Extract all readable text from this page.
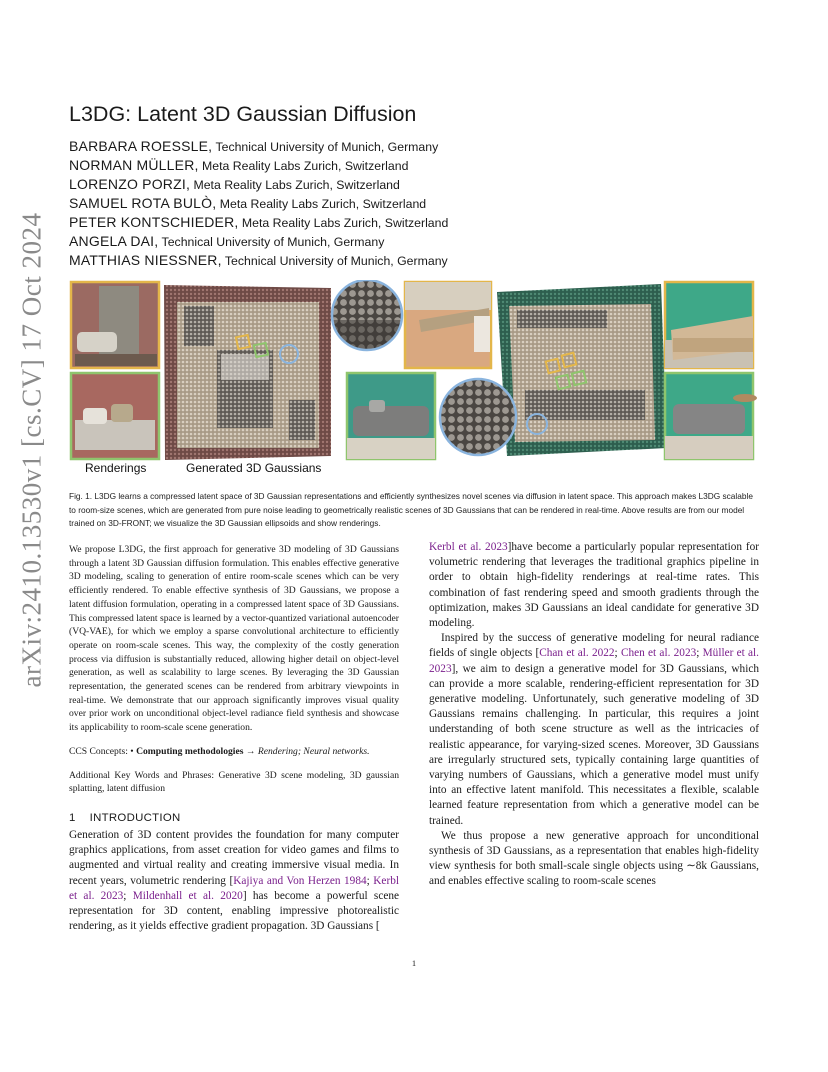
arXiv:2410.13530v1 [cs.CV] 17 Oct 2024
L3DG: Latent 3D Gaussian Diffusion
BARBARA ROESSLE, Technical University of Munich, Germany
NORMAN MÜLLER, Meta Reality Labs Zurich, Switzerland
LORENZO PORZI, Meta Reality Labs Zurich, Switzerland
SAMUEL ROTA BULÒ, Meta Reality Labs Zurich, Switzerland
PETER KONTSCHIEDER, Meta Reality Labs Zurich, Switzerland
ANGELA DAI, Technical University of Munich, Germany
MATTHIAS NIESSNER, Technical University of Munich, Germany
Renderings	Generated 3D Gaussians
Fig. 1. L3DG learns a compressed latent space of 3D Gaussian representations and efficiently synthesizes novel scenes via diffusion in latent space. This approach makes L3DG scalable to room-size scenes, which are generated from pure noise leading to geometrically realistic scenes of 3D Gaussians that can be rendered in real-time. Above results are from our model trained on 3D-FRONT; we visualize the 3D Gaussian ellipsoids and show renderings.

We propose L3DG, the first approach for generative 3D modeling of 3D Gaussians through a latent 3D Gaussian diffusion formulation. This enables effective generative 3D modeling, scaling to generation of entire room-scale scenes which can be very efficiently rendered. To enable effective synthesis of 3D Gaussians, we propose a latent diffusion formulation, operating in a compressed latent space of 3D Gaussians. This compressed latent space is learned by a vector-quantized variational autoencoder (VQ-VAE), for which we employ a sparse convolutional architecture to efficiently operate on room-scale scenes. This way, the complexity of the costly generation process via diffusion is substantially reduced, allowing higher detail on object-level generation, as well as scalability to large scenes. By leveraging the 3D Gaussian representation, the generated scenes can be rendered from arbitrary viewpoints in real-time. We demonstrate that our approach significantly improves visual quality over prior work on unconditional object-level radiance field synthesis and showcase its applicability to room-scale scene generation.

CCS Concepts: • Computing methodologies → Rendering; Neural networks.

Additional Key Words and Phrases: Generative 3D scene modeling, 3D gaussian splatting, latent diffusion

1 INTRODUCTION

Generation of 3D content provides the foundation for many computer graphics applications, from asset creation for video games and films to augmented and virtual reality and creating immersive visual media. In recent years, volumetric rendering [Kajiya and Von Herzen 1984; Kerbl et al. 2023; Mildenhall et al. 2020] has become a powerful scene representation for 3D content, enabling impressive photorealistic rendering, as it yields effective gradient propagation. 3D Gaussians [

Kerbl et al. 2023]have become a particularly popular representation for volumetric rendering that leverages the traditional graphics pipeline in order to obtain high-fidelity renderings at real-time rates. This combination of fast rendering speed and smooth gradients through the optimization, makes 3D Gaussians an ideal candidate for generative 3D modeling.

Inspired by the success of generative modeling for neural radiance fields of single objects [Chan et al. 2022; Chen et al. 2023; Müller et al. 2023], we aim to design a generative model for 3D Gaussians, which can provide a more scalable, rendering-efficient representation for 3D generative modeling. Unfortunately, such generative modeling of 3D Gaussians remains challenging. In particular, this requires a joint understanding of both scene structure as well as the intricacies of realistic appearance, for varying-sized scenes. Moreover, 3D Gaussians are irregularly structured sets, typically containing large quantities of varying numbers of Gaussians, which a generative model must unify into an effective latent manifold. This necessitates a flexible, scalable learned feature representation from which a generative model can be trained.

We thus propose a new generative approach for unconditional synthesis of 3D Gaussians, as a representation that enables high-fidelity view synthesis for both small-scale single objects using ∼8k Gaussians, and enables effective scaling to room-scale scenes

1
